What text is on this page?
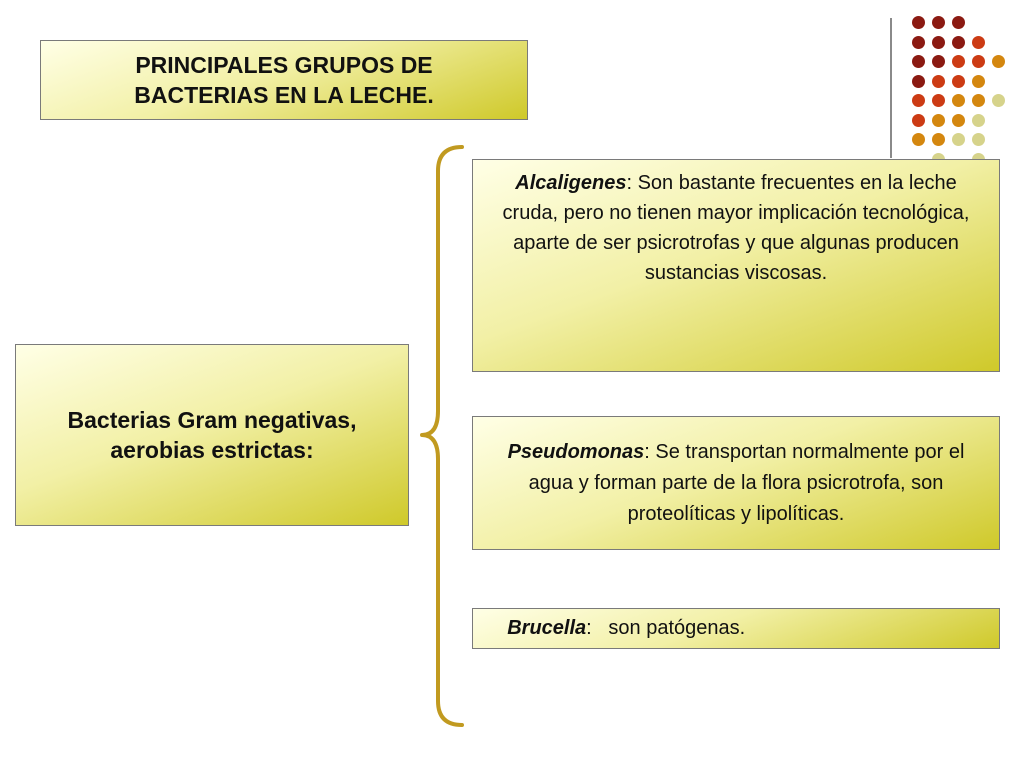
PRINCIPALES GRUPOS DE
BACTERIAS EN LA LECHE.
Bacterias Gram negativas,
aerobias estrictas:
Alcaligenes: Son bastante frecuentes en la leche cruda, pero no tienen mayor implicación tecnológica, aparte de ser psicrotrofas y que algunas producen sustancias viscosas.
Pseudomonas: Se transportan normalmente por el agua y forman parte de la flora psicrotrofa, son proteolíticas y lipolíticas.

Brucella:   son patógenas.
